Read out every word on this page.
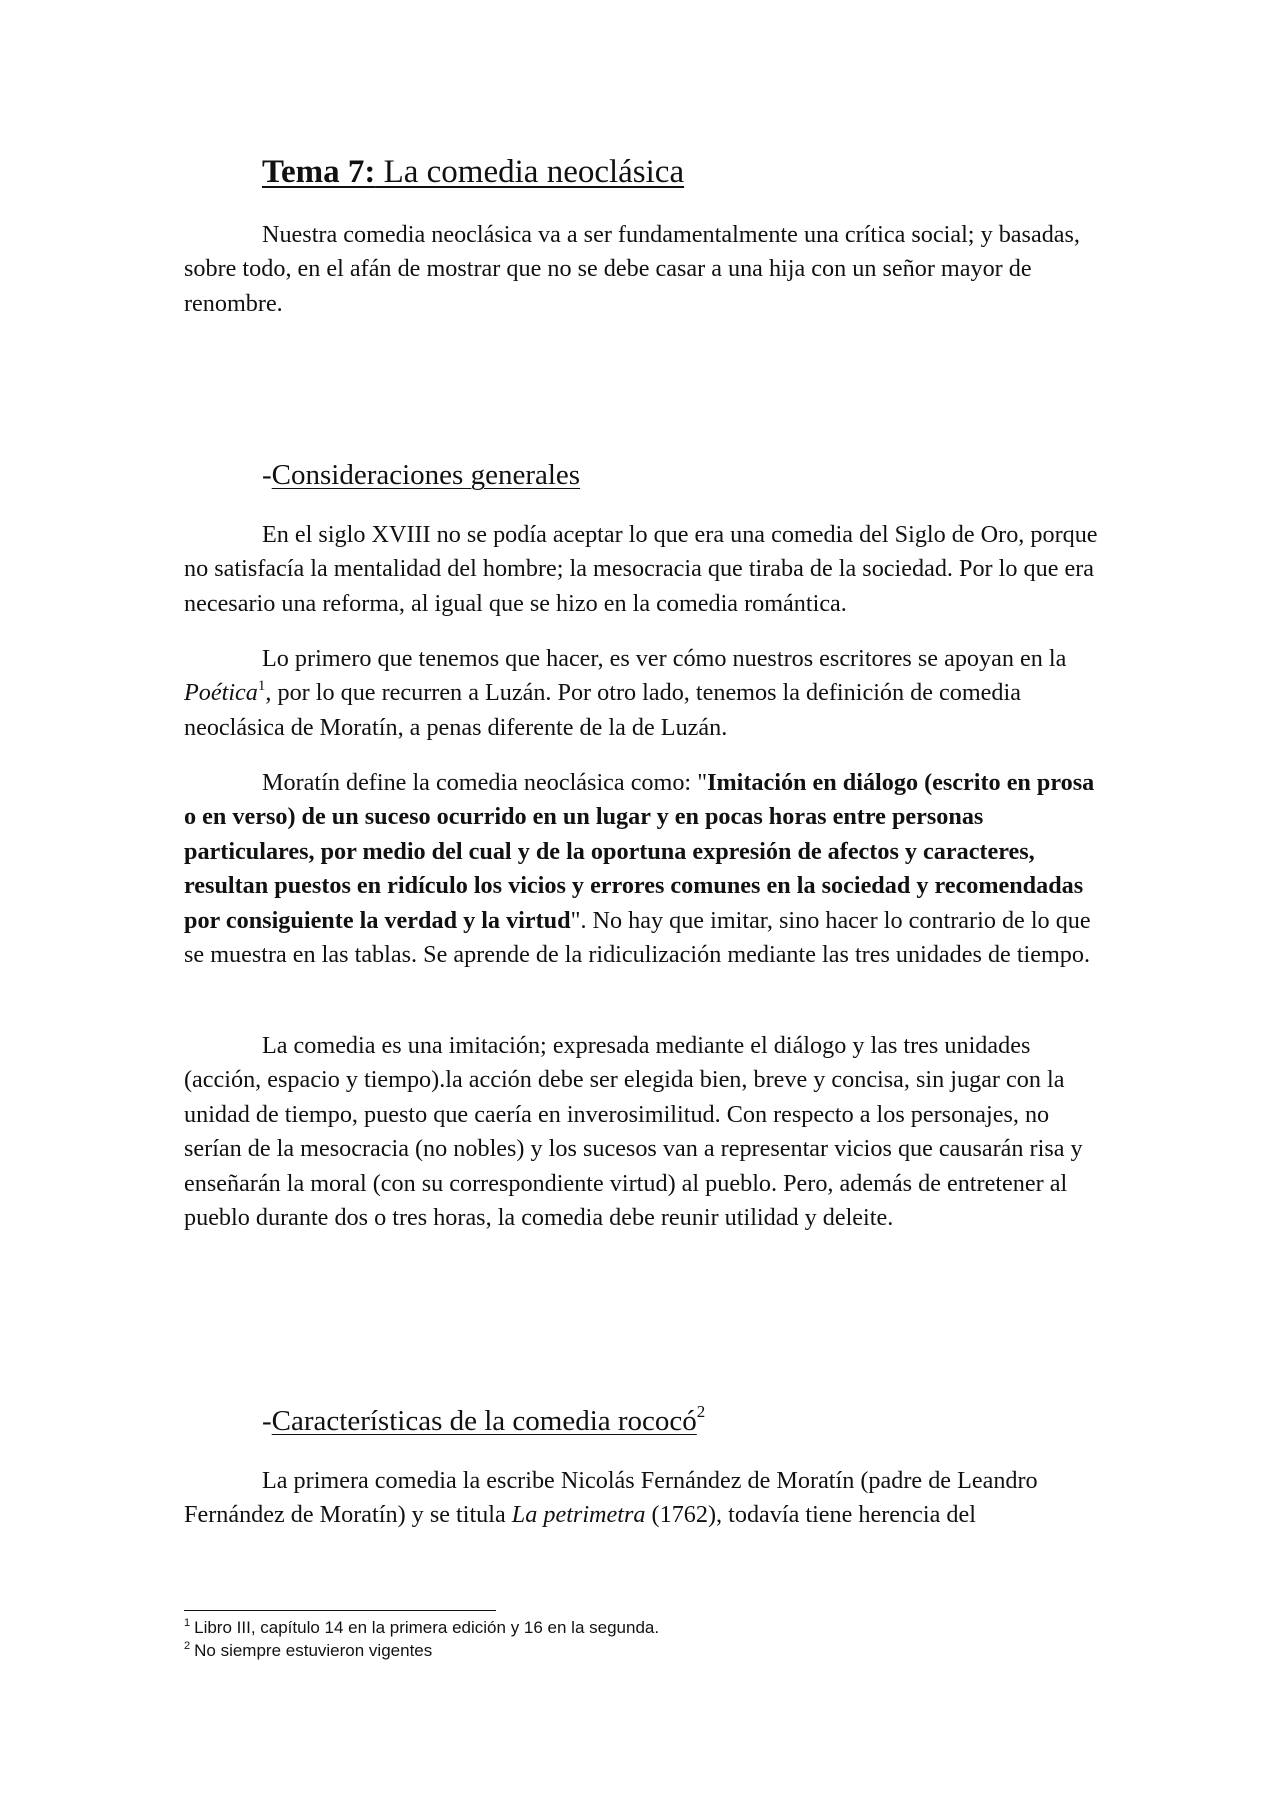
Tema 7: La comedia neoclásica

Nuestra comedia neoclásica va a ser fundamentalmente una crítica social; y basadas, sobre todo, en el afán de mostrar que no se debe casar a una hija con un señor mayor de renombre.

-Consideraciones generales

En el siglo XVIII no se podía aceptar lo que era una comedia del Siglo de Oro, porque no satisfacía la mentalidad del hombre; la mesocracia que tiraba de la sociedad. Por lo que era necesario una reforma, al igual que se hizo en la comedia romántica.

Lo primero que tenemos que hacer, es ver cómo nuestros escritores se apoyan en la Poética$^1$, por lo que recurren a Luzán. Por otro lado, tenemos la definición de comedia neoclásica de Moratín, a penas diferente de la de Luzán.

Moratín define la comedia neoclásica como: "Imitación en diálogo (escrito en prosa o en verso) de un suceso ocurrido en un lugar y en pocas horas entre personas particulares, por medio del cual y de la oportuna expresión de afectos y caracteres, resultan puestos en ridículo los vicios y errores comunes en la sociedad y recomendadas por consiguiente la verdad y la virtud". No hay que imitar, sino hacer lo contrario de lo que se muestra en las tablas. Se aprende de la ridiculización mediante las tres unidades de tiempo.

La comedia es una imitación; expresada mediante el diálogo y las tres unidades (acción, espacio y tiempo).la acción debe ser elegida bien, breve y concisa, sin jugar con la unidad de tiempo, puesto que caería en inverosimilitud. Con respecto a los personajes, no serían de la mesocracia (no nobles) y los sucesos van a representar vicios que causarán risa y enseñarán la moral (con su correspondiente virtud) al pueblo. Pero, además de entretener al pueblo durante dos o tres horas, la comedia debe reunir utilidad y deleite.

-Características de la comedia rococó$^2$

La primera comedia la escribe Nicolás Fernández de Moratín (padre de Leandro Fernández de Moratín) y se titula La petrimetra (1762), todavía tiene herencia del

$^1$ Libro III, capítulo 14 en la primera edición y 16 en la segunda.

$^2$ No siempre estuvieron vigentes
